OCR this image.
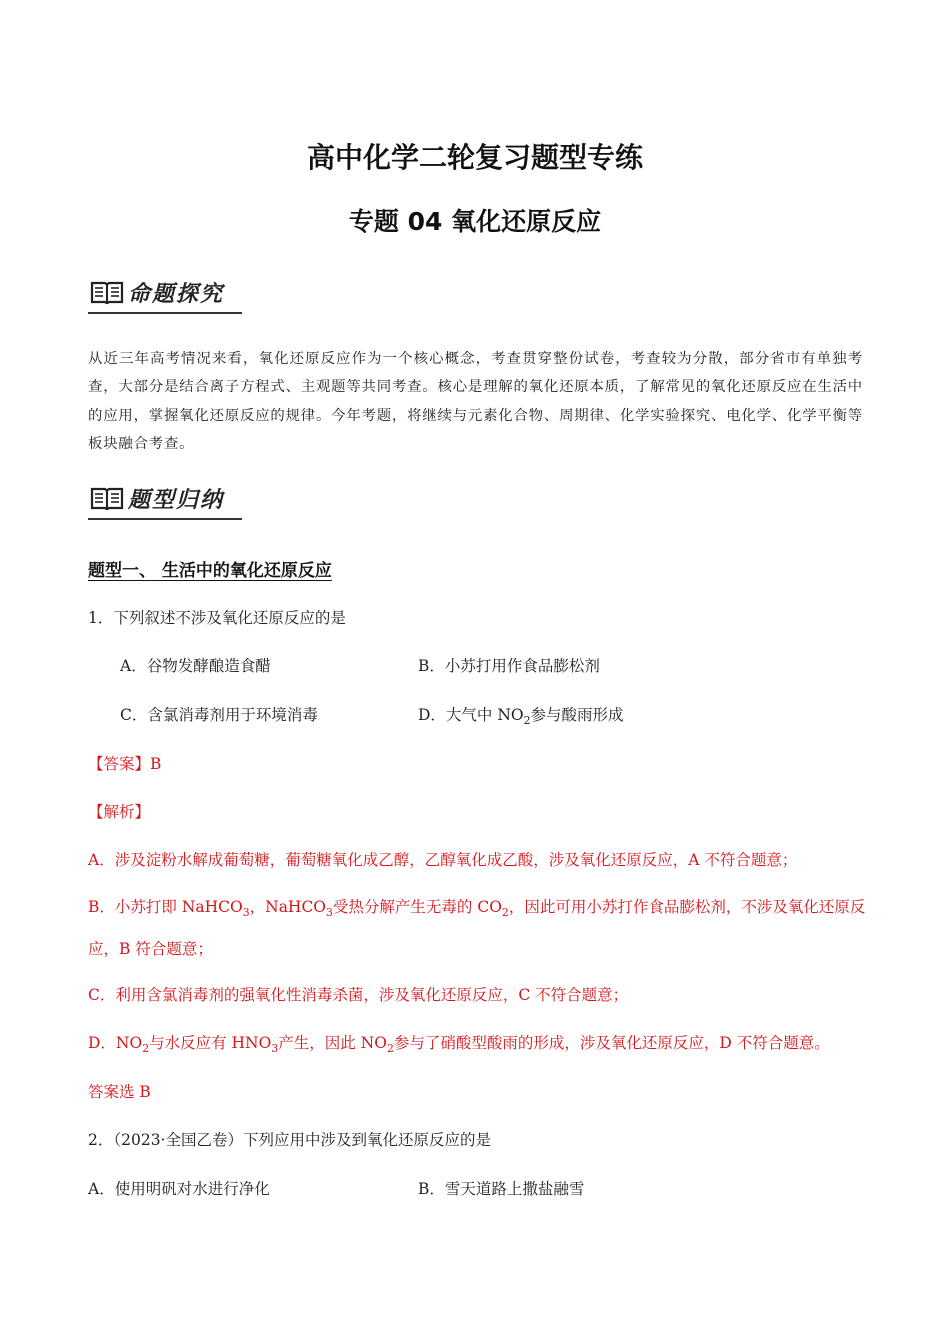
高中化学二轮复习题型专练
专题 04 氧化还原反应
命题探究
从近三年高考情况来看，氧化还原反应作为一个核心概念，考查贯穿整份试卷，考查较为分散，部分省市有单独考查，大部分是结合离子方程式、主观题等共同考查。核心是理解的氧化还原本质，了解常见的氧化还原反应在生活中的应用，掌握氧化还原反应的规律。今年考题，将继续与元素化合物、周期律、化学实验探究、电化学、化学平衡等板块融合考查。
题型归纳
题型一、 生活中的氧化还原反应
1．下列叙述不涉及氧化还原反应的是
A．谷物发酵酿造食醋	B．小苏打用作食品膨松剂
C．含氯消毒剂用于环境消毒	D．大气中 $NO_2$参与酸雨形成
【答案】B
【解析】
A．涉及淀粉水解成葡萄糖，葡萄糖氧化成乙醇，乙醇氧化成乙酸，涉及氧化还原反应，A 不符合题意；
B．小苏打即 NaHCO$_3$，NaHCO$_3$受热分解产生无毒的 $CO_2$，因此可用小苏打作食品膨松剂，不涉及氧化还原反应，B 符合题意；
C．利用含氯消毒剂的强氧化性消毒杀菌，涉及氧化还原反应，C 不符合题意；
D．$NO_2$与水反应有 $HNO_3$产生，因此 $NO_2$参与了硝酸型酸雨的形成，涉及氧化还原反应，D 不符合题意。
答案选 B
2．（2023·全国乙卷）下列应用中涉及到氧化还原反应的是
A．使用明矾对水进行净化	B．雪天道路上撒盐融雪
